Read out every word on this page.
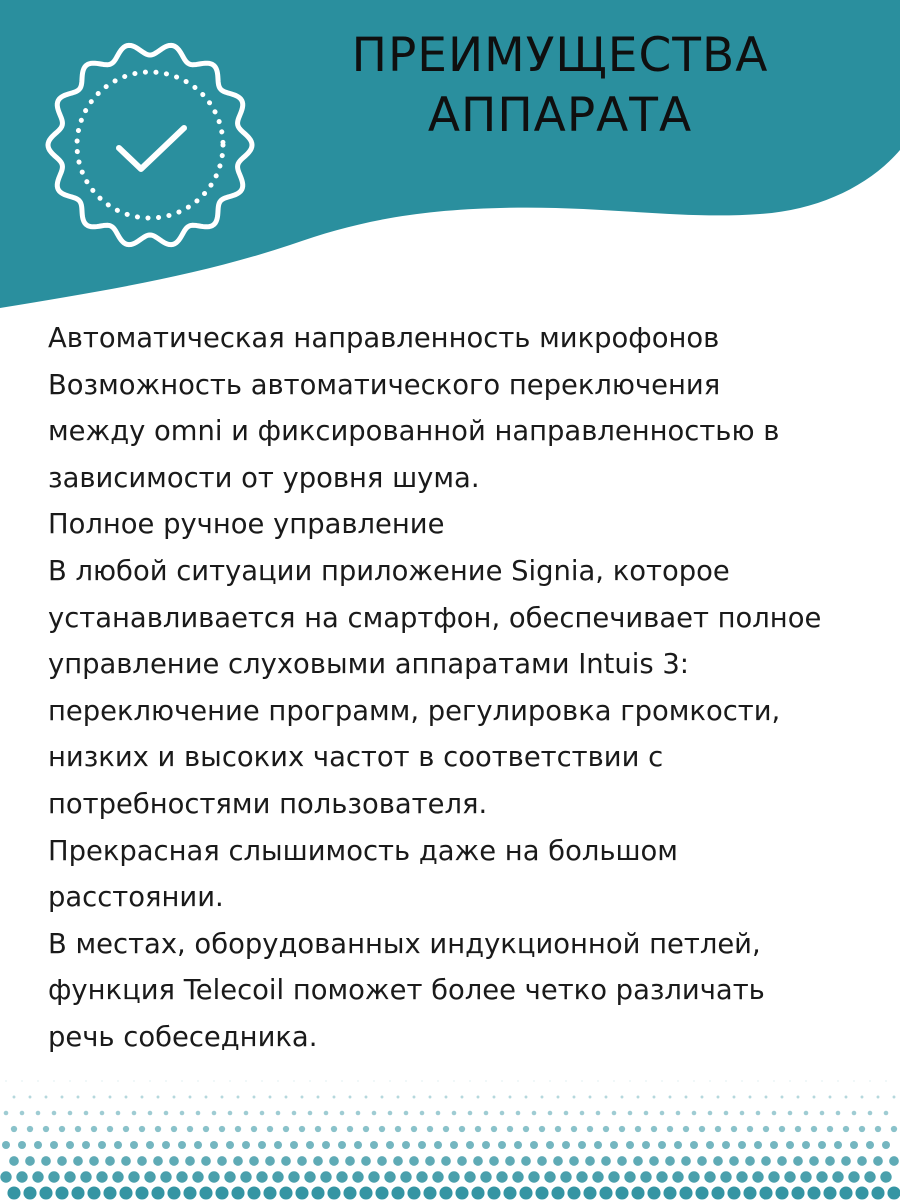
ПРЕИМУЩЕСТВА
АППАРАТА
Автоматическая направленность микрофонов
Возможность автоматического переключения
между omni и фиксированной направленностью в
зависимости от уровня шума.
Полное ручное управление
В любой ситуации приложение Signia, которое
устанавливается на смартфон, обеспечивает полное
управление слуховыми аппаратами Intuis 3:
переключение программ, регулировка громкости,
низких и высоких частот в соответствии с
потребностями пользователя.
Прекрасная слышимость даже на большом
расстоянии.
В местах, оборудованных индукционной петлей,
функция Telecoil поможет более четко различать
речь собеседника.
